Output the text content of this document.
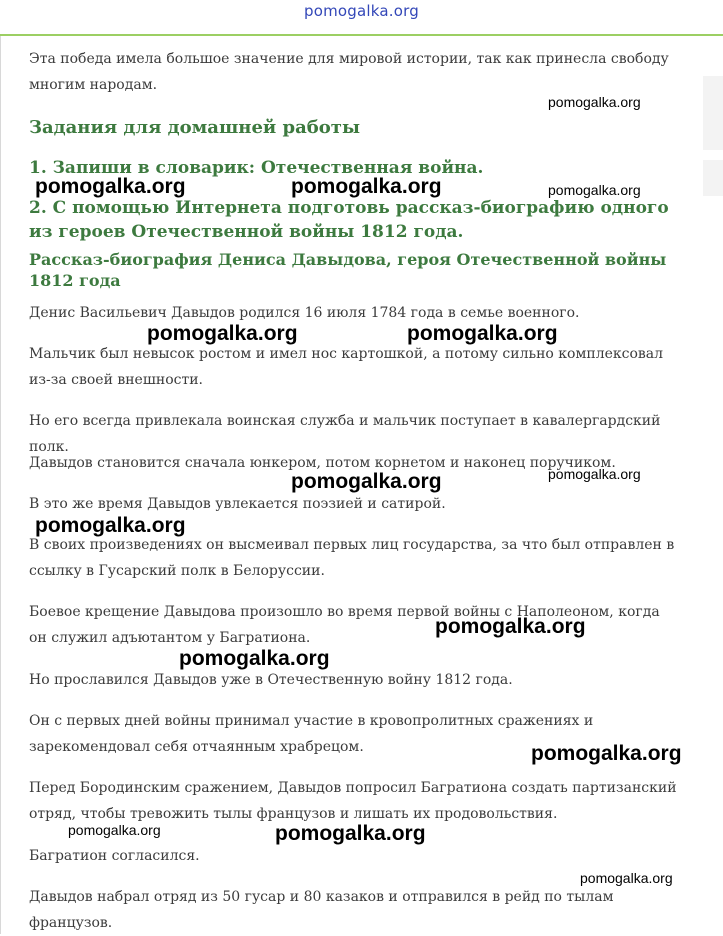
pomogalka.org
Эта победа имела большое значение для мировой истории, так как принесла свободу многим народам.
Задания для домашней работы
1. Запиши в словарик: Отечественная война.
2. С помощью Интернета подготовь рассказ-биографию одного из героев Отечественной войны 1812 года.
Рассказ-биография Дениса Давыдова, героя Отечественной войны 1812 года
Денис Васильевич Давыдов родился 16 июля 1784 года в семье военного.
Мальчик был невысок ростом и имел нос картошкой, а потому сильно комплексовал из-за своей внешности.
Но его всегда привлекала воинская служба и мальчик поступает в кавалергардский полк.
Давыдов становится сначала юнкером, потом корнетом и наконец поручиком.
В это же время Давыдов увлекается поэзией и сатирой.
В своих произведениях он высмеивал первых лиц государства, за что был отправлен в ссылку в Гусарский полк в Белоруссии.
Боевое крещение Давыдова произошло во время первой войны с Наполеоном, когда он служил адъютантом у Багратиона.
Но прославился Давыдов уже в Отечественную войну 1812 года.
Он с первых дней войны принимал участие в кровопролитных сражениях и зарекомендовал себя отчаянным храбрецом.
Перед Бородинским сражением, Давыдов попросил Багратиона создать партизанский отряд, чтобы тревожить тылы французов и лишать их продовольствия.
Багратион согласился.
Давыдов набрал отряд из 50 гусар и 80 казаков и отправился в рейд по тылам французов.
pomogalka.org
pomogalka.org	pomogalka.org	pomogalka.org
pomogalka.org	pomogalka.org
pomogalka.org	pomogalka.org
pomogalka.org
pomogalka.org
pomogalka.org
pomogalka.org
pomogalka.org	pomogalka.org
pomogalka.org
